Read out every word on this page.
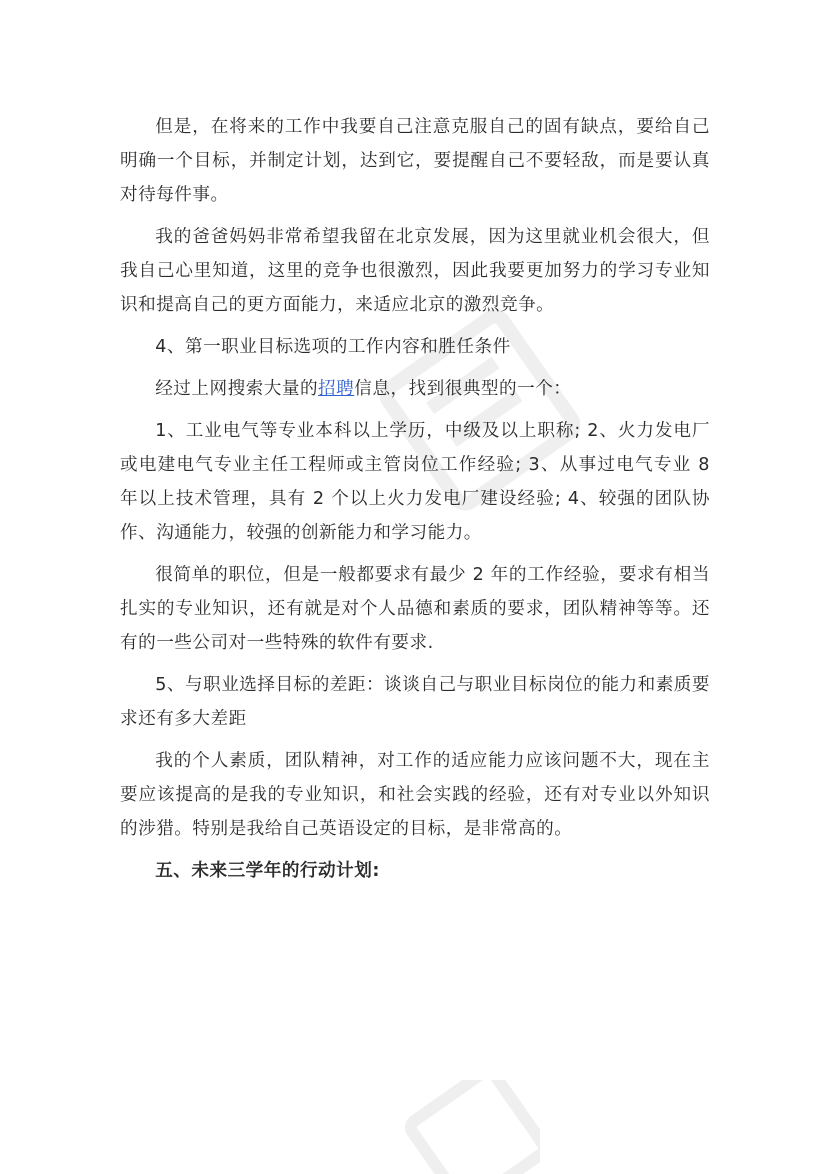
但是，在将来的工作中我要自己注意克服自己的固有缺点，要给自己明确一个目标，并制定计划，达到它，要提醒自己不要轻敌，而是要认真对待每件事。

我的爸爸妈妈非常希望我留在北京发展，因为这里就业机会很大，但我自己心里知道，这里的竞争也很激烈，因此我要更加努力的学习专业知识和提高自己的更方面能力，来适应北京的激烈竞争。

4、第一职业目标选项的工作内容和胜任条件

经过上网搜索大量的招聘信息，找到很典型的一个：

1、工业电气等专业本科以上学历，中级及以上职称; 2、火力发电厂或电建电气专业主任工程师或主管岗位工作经验; 3、从事过电气专业 8 年以上技术管理，具有 2 个以上火力发电厂建设经验; 4、较强的团队协作、沟通能力，较强的创新能力和学习能力。

很简单的职位，但是一般都要求有最少 2 年的工作经验，要求有相当扎实的专业知识，还有就是对个人品德和素质的要求，团队精神等等。还有的一些公司对一些特殊的软件有要求.

5、与职业选择目标的差距：谈谈自己与职业目标岗位的能力和素质要求还有多大差距

我的个人素质，团队精神，对工作的适应能力应该问题不大，现在主要应该提高的是我的专业知识，和社会实践的经验，还有对专业以外知识的涉猎。特别是我给自己英语设定的目标，是非常高的。

五、未来三学年的行动计划:
